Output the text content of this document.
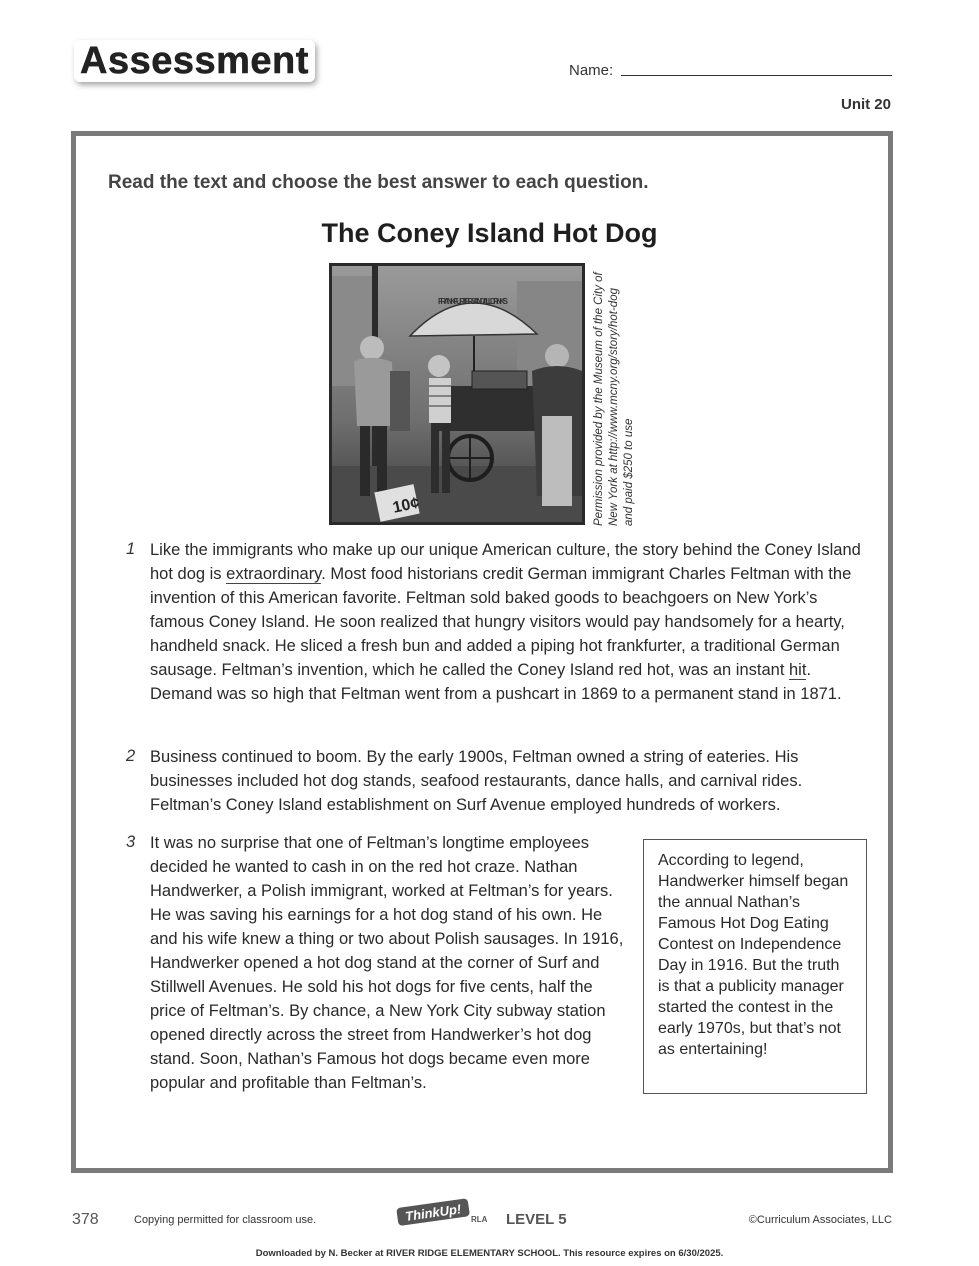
Assessment	Name:
Unit 20
Read the text and choose the best answer to each question.
The Coney Island Hot Dog
FRANKFURTERS AND ALL DRINKS
10¢	Permission provided by the Museum of the City of New York at http://www.mcny.org/story/hot-dog and paid $250 to use
1 Like the immigrants who make up our unique American culture, the story behind the Coney Island hot dog is extraordinary. Most food historians credit German immigrant Charles Feltman with the invention of this American favorite. Feltman sold baked goods to beachgoers on New York’s famous Coney Island. He soon realized that hungry visitors would pay handsomely for a hearty, handheld snack. He sliced a fresh bun and added a piping hot frankfurter, a traditional German sausage. Feltman’s invention, which he called the Coney Island red hot, was an instant hit. Demand was so high that Feltman went from a pushcart in 1869 to a permanent stand in 1871.
2 Business continued to boom. By the early 1900s, Feltman owned a string of eateries. His businesses included hot dog stands, seafood restaurants, dance halls, and carnival rides. Feltman’s Coney Island establishment on Surf Avenue employed hundreds of workers.
3 It was no surprise that one of Feltman’s longtime employees decided he wanted to cash in on the red hot craze. Nathan Handwerker, a Polish immigrant, worked at Feltman’s for years. He was saving his earnings for a hot dog stand of his own. He and his wife knew a thing or two about Polish sausages. In 1916, Handwerker opened a hot dog stand at the corner of Surf and Stillwell Avenues. He sold his hot dogs for five cents, half the price of Feltman’s. By chance, a New York City subway station opened directly across the street from Handwerker’s hot dog stand. Soon, Nathan’s Famous hot dogs became even more popular and profitable than Feltman’s.
According to legend, Handwerker himself began the annual Nathan’s Famous Hot Dog Eating Contest on Independence Day in 1916. But the truth is that a publicity manager started the contest in the early 1970s, but that’s not as entertaining!
378	Copying permitted for classroom use.	ThinkUp! RLA LEVEL 5	©Curriculum Associates, LLC
Downloaded by N. Becker at RIVER RIDGE ELEMENTARY SCHOOL. This resource expires on 6/30/2025.
